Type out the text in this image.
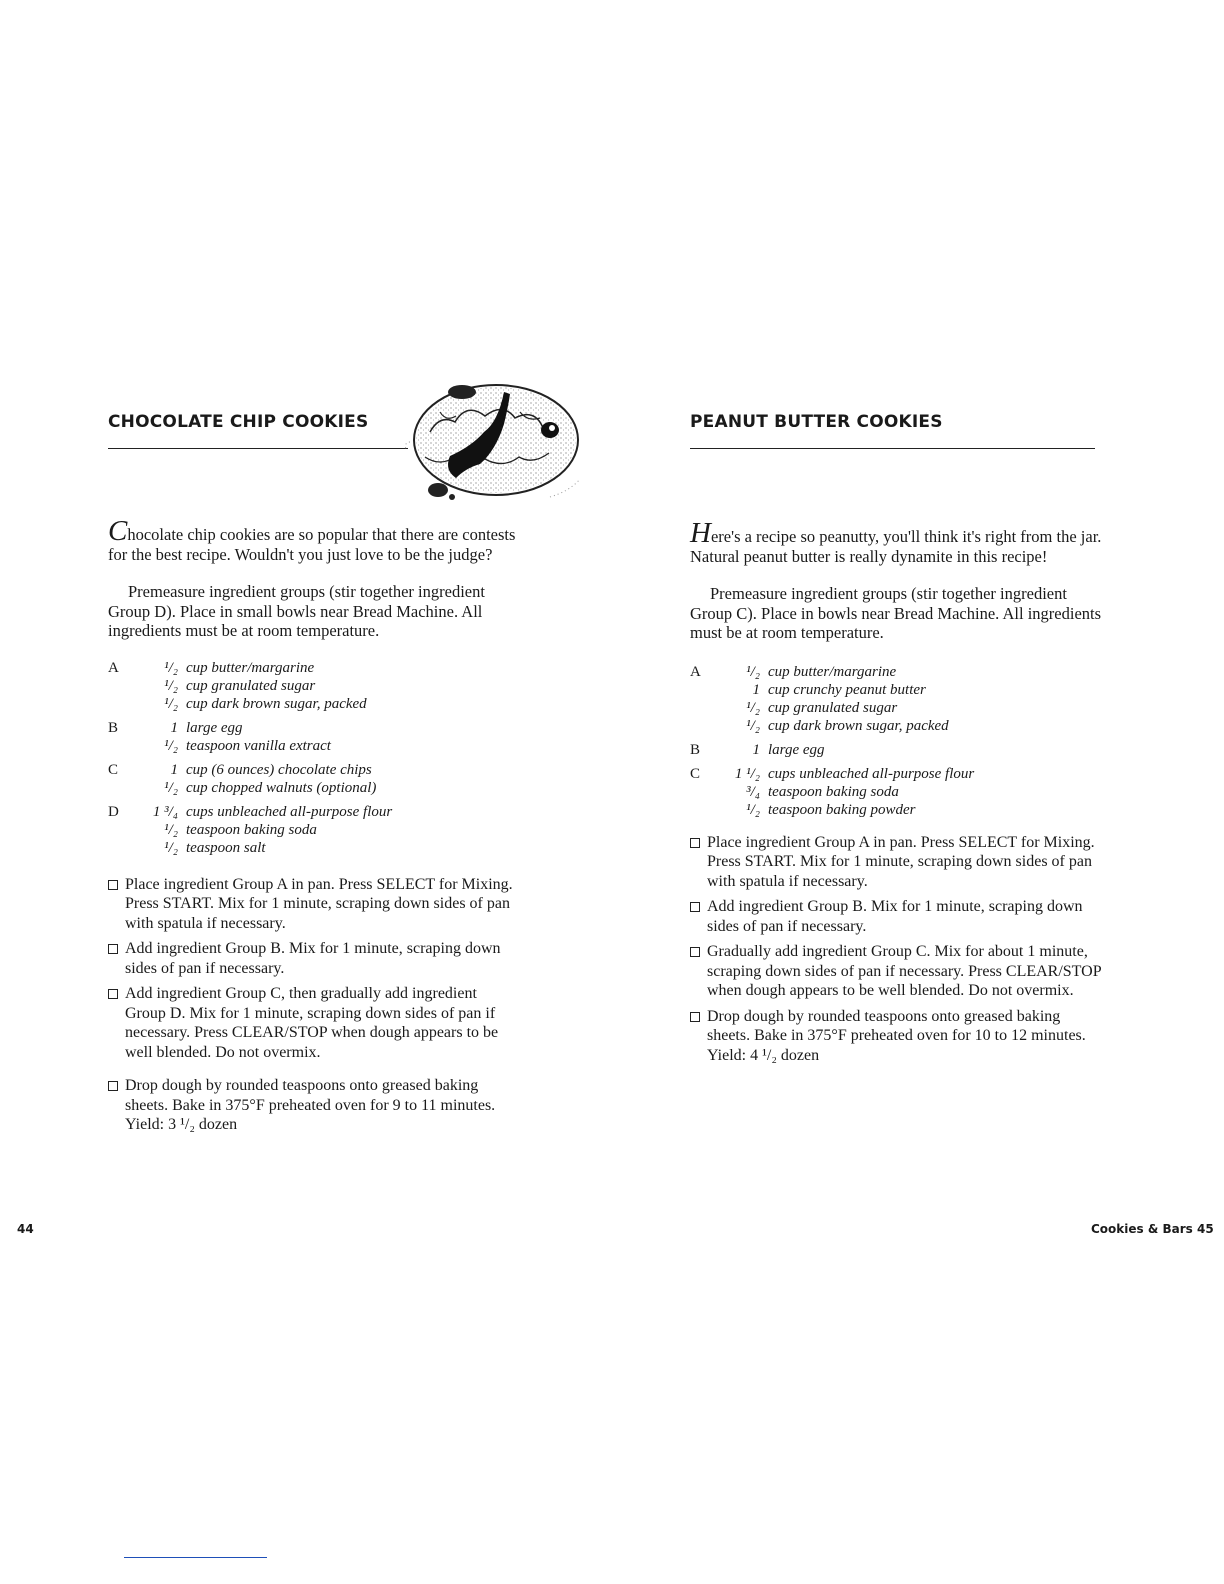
CHOCOLATE CHIP COOKIES

Chocolate chip cookies are so popular that there are contests for the best recipe. Wouldn't you just love to be the judge?

Premeasure ingredient groups (stir together ingredient Group D). Place in small bowls near Bread Machine. All ingredients must be at room temperature.

A	¹/₂ cup butter/margarine
¹/₂ cup granulated sugar
¹/₂ cup dark brown sugar, packed
B	1 large egg
¹/₂ teaspoon vanilla extract
C	1 cup (6 ounces) chocolate chips
¹/₂ cup chopped walnuts (optional)
D	1 ³/₄ cups unbleached all-purpose flour
¹/₂ teaspoon baking soda
¹/₂ teaspoon salt
Place ingredient Group A in pan. Press SELECT for Mixing. Press START. Mix for 1 minute, scraping down sides of pan with spatula if necessary.
Add ingredient Group B. Mix for 1 minute, scraping down sides of pan if necessary.
Add ingredient Group C, then gradually add ingredient Group D. Mix for 1 minute, scraping down sides of pan if necessary. Press CLEAR/STOP when dough appears to be well blended. Do not overmix.
Drop dough by rounded teaspoons onto greased baking sheets. Bake in 375°F preheated oven for 9 to 11 minutes. Yield: 3 ¹/₂ dozen
PEANUT BUTTER COOKIES

Here's a recipe so peanutty, you'll think it's right from the jar. Natural peanut butter is really dynamite in this recipe!

Premeasure ingredient groups (stir together ingredient Group C). Place in bowls near Bread Machine. All ingredients must be at room temperature.

A	¹/₂ cup butter/margarine
1 cup crunchy peanut butter
¹/₂ cup granulated sugar
¹/₂ cup dark brown sugar, packed
B	1 large egg
C	1 ¹/₂ cups unbleached all-purpose flour
³/₄ teaspoon baking soda
¹/₂ teaspoon baking powder
Place ingredient Group A in pan. Press SELECT for Mixing. Press START. Mix for 1 minute, scraping down sides of pan with spatula if necessary.
Add ingredient Group B. Mix for 1 minute, scraping down sides of pan if necessary.
Gradually add ingredient Group C. Mix for about 1 minute, scraping down sides of pan if necessary. Press CLEAR/STOP when dough appears to be well blended. Do not overmix.
Drop dough by rounded teaspoons onto greased baking sheets. Bake in 375°F preheated oven for 10 to 12 minutes. Yield: 4 ¹/₂ dozen
44	Cookies & Bars 45
